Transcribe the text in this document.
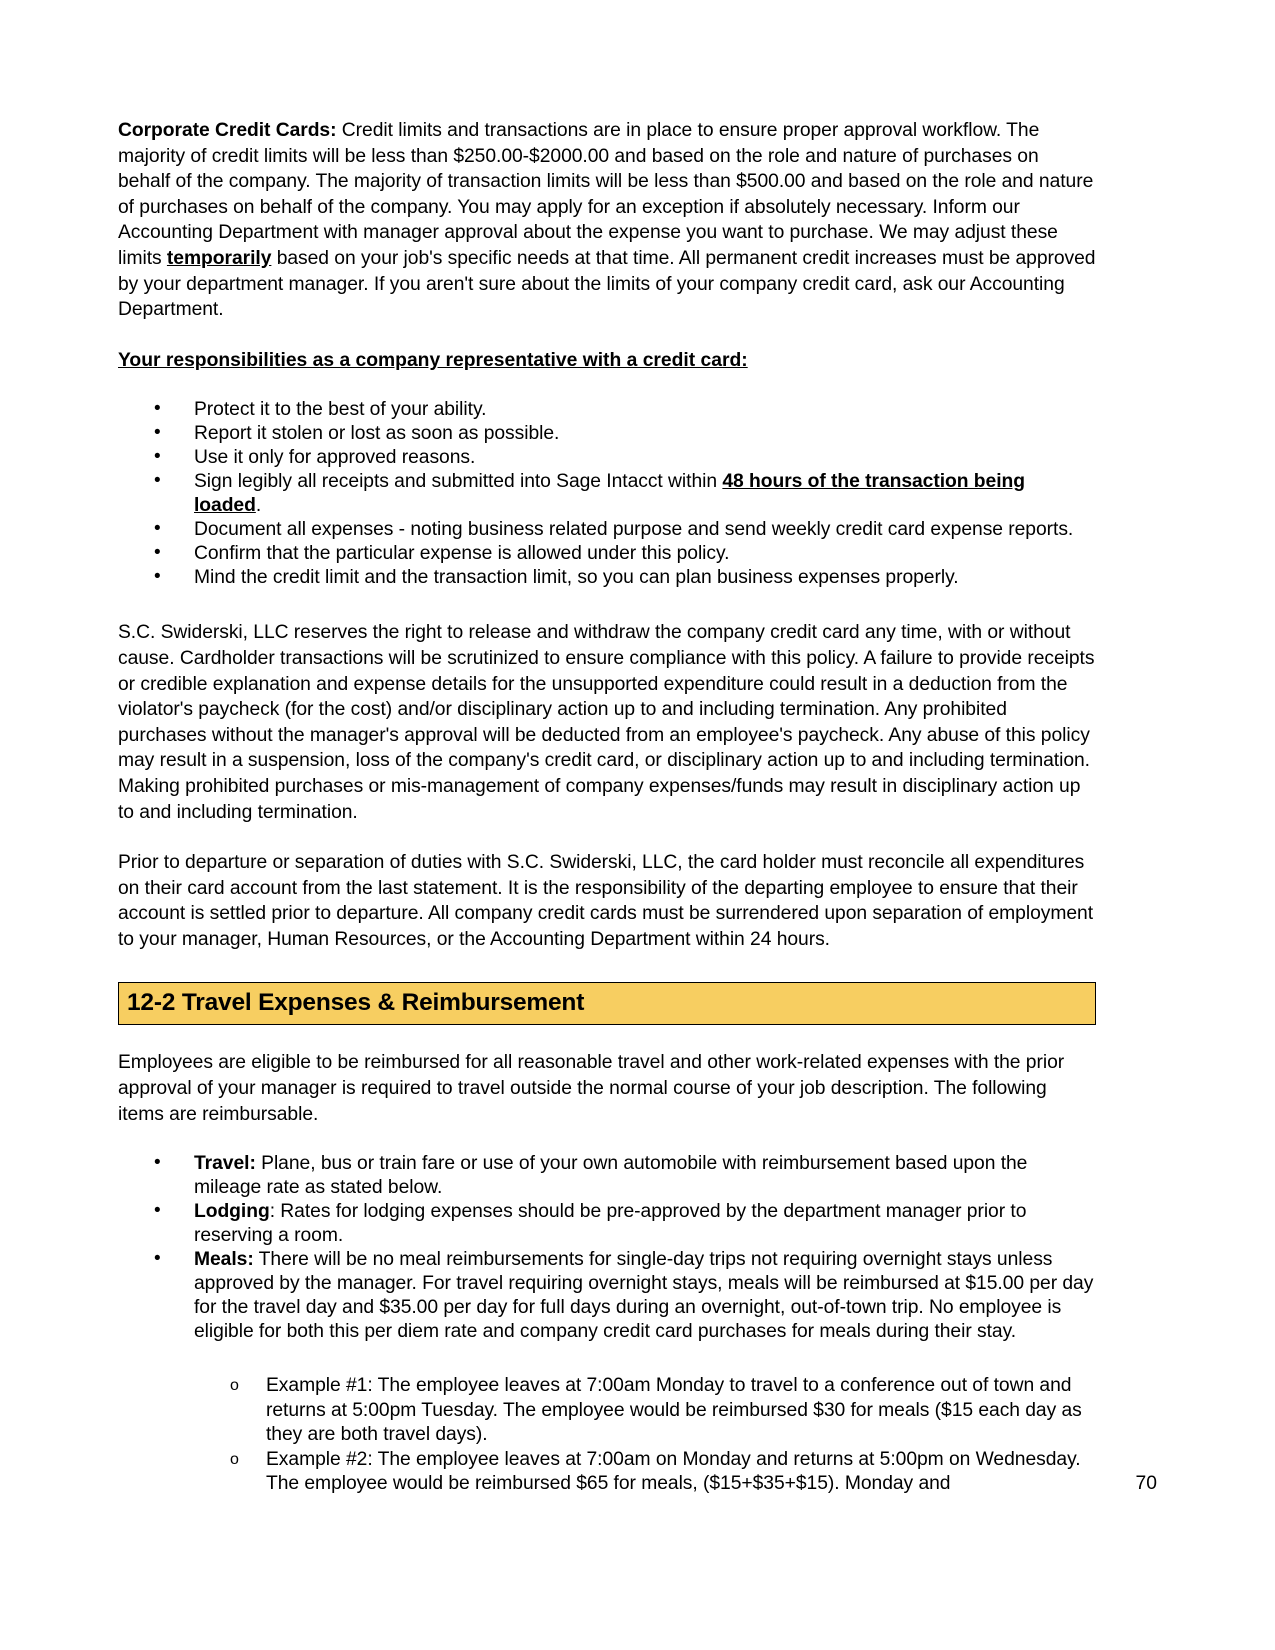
Corporate Credit Cards: Credit limits and transactions are in place to ensure proper approval workflow. The majority of credit limits will be less than $250.00-$2000.00 and based on the role and nature of purchases on behalf of the company. The majority of transaction limits will be less than $500.00 and based on the role and nature of purchases on behalf of the company. You may apply for an exception if absolutely necessary. Inform our Accounting Department with manager approval about the expense you want to purchase. We may adjust these limits temporarily based on your job's specific needs at that time. All permanent credit increases must be approved by your department manager. If you aren't sure about the limits of your company credit card, ask our Accounting Department.

Your responsibilities as a company representative with a credit card:

• Protect it to the best of your ability.
• Report it stolen or lost as soon as possible.
• Use it only for approved reasons.
• Sign legibly all receipts and submitted into Sage Intacct within 48 hours of the transaction being loaded.
• Document all expenses - noting business related purpose and send weekly credit card expense reports.
• Confirm that the particular expense is allowed under this policy.
• Mind the credit limit and the transaction limit, so you can plan business expenses properly.

S.C. Swiderski, LLC reserves the right to release and withdraw the company credit card any time, with or without cause. Cardholder transactions will be scrutinized to ensure compliance with this policy. A failure to provide receipts or credible explanation and expense details for the unsupported expenditure could result in a deduction from the violator's paycheck (for the cost) and/or disciplinary action up to and including termination. Any prohibited purchases without the manager's approval will be deducted from an employee's paycheck. Any abuse of this policy may result in a suspension, loss of the company's credit card, or disciplinary action up to and including termination. Making prohibited purchases or mis-management of company expenses/funds may result in disciplinary action up to and including termination.

Prior to departure or separation of duties with S.C. Swiderski, LLC, the card holder must reconcile all expenditures on their card account from the last statement. It is the responsibility of the departing employee to ensure that their account is settled prior to departure. All company credit cards must be surrendered upon separation of employment to your manager, Human Resources, or the Accounting Department within 24 hours.

12-2 Travel Expenses & Reimbursement

Employees are eligible to be reimbursed for all reasonable travel and other work-related expenses with the prior approval of your manager is required to travel outside the normal course of your job description. The following items are reimbursable.

• Travel: Plane, bus or train fare or use of your own automobile with reimbursement based upon the mileage rate as stated below.
• Lodging: Rates for lodging expenses should be pre-approved by the department manager prior to reserving a room.
• Meals: There will be no meal reimbursements for single-day trips not requiring overnight stays unless approved by the manager. For travel requiring overnight stays, meals will be reimbursed at $15.00 per day for the travel day and $35.00 per day for full days during an overnight, out-of-town trip. No employee is eligible for both this per diem rate and company credit card purchases for meals during their stay.
o Example #1: The employee leaves at 7:00am Monday to travel to a conference out of town and returns at 5:00pm Tuesday. The employee would be reimbursed $30 for meals ($15 each day as they are both travel days).
o Example #2: The employee leaves at 7:00am on Monday and returns at 5:00pm on Wednesday. The employee would be reimbursed $65 for meals, ($15+$35+$15). Monday and	70
